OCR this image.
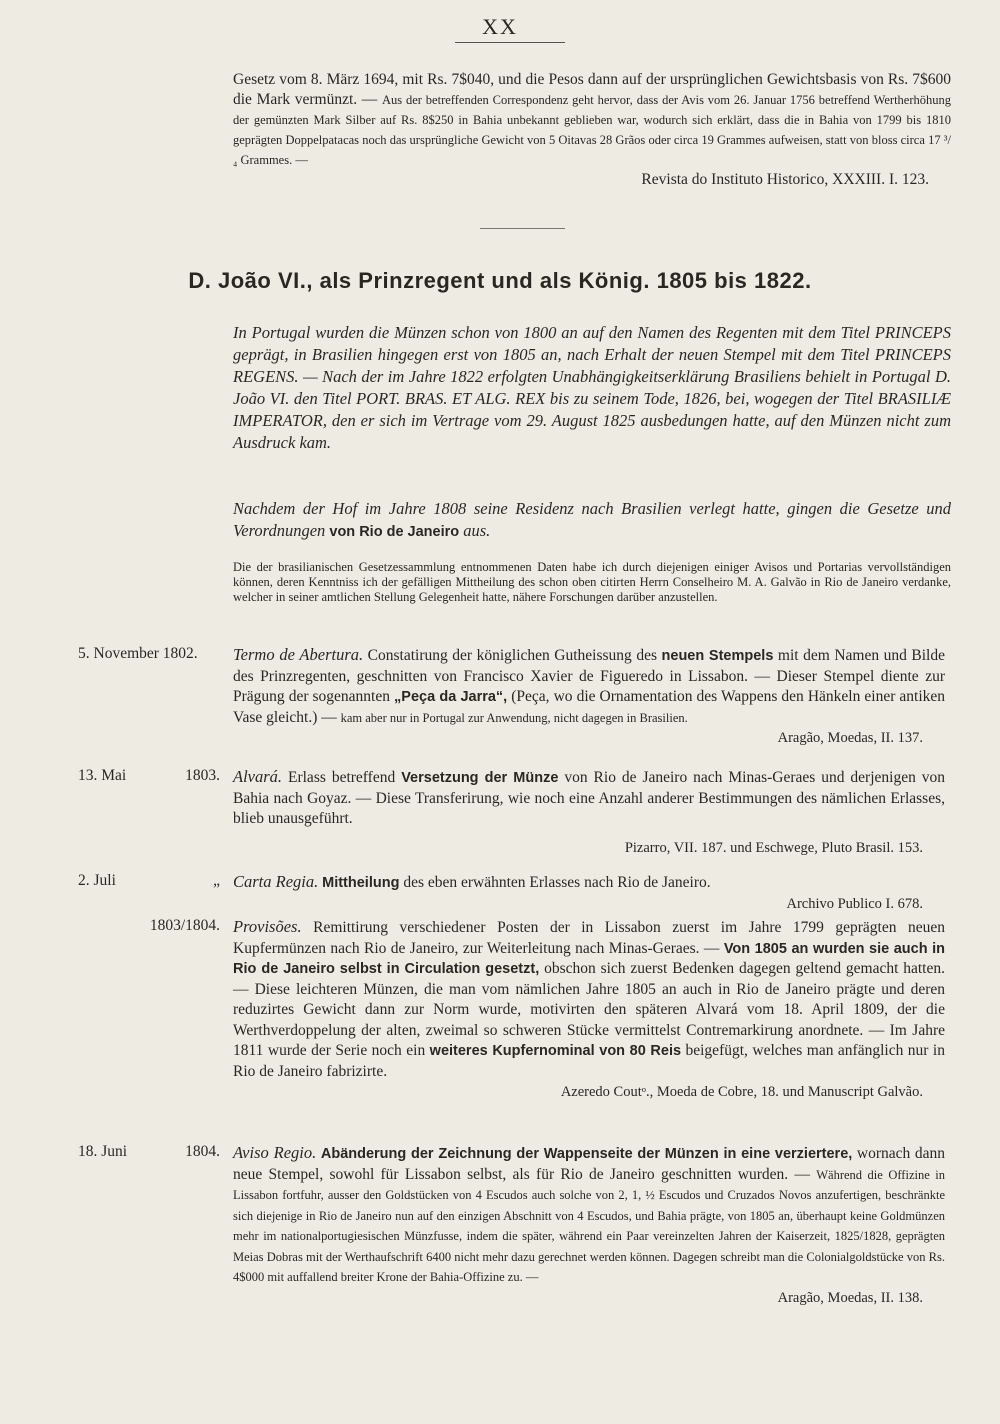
XX
Gesetz vom 8. März 1694, mit Rs. 7$040, und die Pesos dann auf der ursprünglichen Gewichtsbasis von Rs. 7$600 die Mark vermünzt. — Aus der betreffenden Correspondenz geht hervor, dass der Avis vom 26. Januar 1756 betreffend Wertherhöhung der gemünzten Mark Silber auf Rs. 8$250 in Bahia unbekannt geblieben war, wodurch sich erklärt, dass die in Bahia von 1799 bis 1810 geprägten Doppelpatacas noch das ursprüngliche Gewicht von 5 Oitavas 28 Grãos oder circa 19 Grammes aufweisen, statt von bloss circa 17 ³/₄ Grammes. —
Revista do Instituto Historico, XXXIII. I. 123.
D. João VI., als Prinzregent und als König. 1805 bis 1822.
In Portugal wurden die Münzen schon von 1800 an auf den Namen des Regenten mit dem Titel PRINCEPS geprägt, in Brasilien hingegen erst von 1805 an, nach Erhalt der neuen Stempel mit dem Titel PRINCEPS REGENS. — Nach der im Jahre 1822 erfolgten Unabhängigkeitserklärung Brasiliens behielt in Portugal D. João VI. den Titel PORT. BRAS. ET ALG. REX bis zu seinem Tode, 1826, bei, wogegen der Titel BRASILIÆ IMPERATOR, den er sich im Vertrage vom 29. August 1825 ausbedungen hatte, auf den Münzen nicht zum Ausdruck kam.
Nachdem der Hof im Jahre 1808 seine Residenz nach Brasilien verlegt hatte, gingen die Gesetze und Verordnungen von Rio de Janeiro aus.
Die der brasilianischen Gesetzessammlung entnommenen Daten habe ich durch diejenigen einiger Avisos und Portarias vervollständigen können, deren Kenntniss ich der gefälligen Mittheilung des schon oben citirten Herrn Conselheiro M. A. Galvão in Rio de Janeiro verdanke, welcher in seiner amtlichen Stellung Gelegenheit hatte, nähere Forschungen darüber anzustellen.
5. November 1802. Termo de Abertura. Constatirung der königlichen Gutheissung des neuen Stempels mit dem Namen und Bilde des Prinzregenten, geschnitten von Francisco Xavier de Figueredo in Lissabon. — Dieser Stempel diente zur Prägung der sogenannten „Peça da Jarra“, (Peça, wo die Ornamentation des Wappens den Hänkeln einer antiken Vase gleicht.) — kam aber nur in Portugal zur Anwendung, nicht dagegen in Brasilien.
Aragão, Moedas, II. 137.
13. Mai	1803. Alvará. Erlass betreffend Versetzung der Münze von Rio de Janeiro nach Minas-Geraes und derjenigen von Bahia nach Goyaz. — Diese Transferirung, wie noch eine Anzahl anderer Bestimmungen des nämlichen Erlasses, blieb unausgeführt.
Pizarro, VII. 187. und Eschwege, Pluto Brasil. 153.
2. Juli	„ Carta Regia. Mittheilung des eben erwähnten Erlasses nach Rio de Janeiro.
Archivo Publico I. 678.
1803/1804. Provisões. Remittirung verschiedener Posten der in Lissabon zuerst im Jahre 1799 geprägten neuen Kupfermünzen nach Rio de Janeiro, zur Weiterleitung nach Minas-Geraes. — Von 1805 an wurden sie auch in Rio de Janeiro selbst in Circulation gesetzt, obschon sich zuerst Bedenken dagegen geltend gemacht hatten. — Diese leichteren Münzen, die man vom nämlichen Jahre 1805 an auch in Rio de Janeiro prägte und deren reduzirtes Gewicht dann zur Norm wurde, motivirten den späteren Alvará vom 18. April 1809, der die Werthverdoppelung der alten, zweimal so schweren Stücke vermittelst Contremarkirung anordnete. — Im Jahre 1811 wurde der Serie noch ein weiteres Kupfernominal von 80 Reis beigefügt, welches man anfänglich nur in Rio de Janeiro fabrizirte.
Azeredo Coutᵒ., Moeda de Cobre, 18. und Manuscript Galvão.
18. Juni	1804. Aviso Regio. Abänderung der Zeichnung der Wappenseite der Münzen in eine verziertere, wornach dann neue Stempel, sowohl für Lissabon selbst, als für Rio de Janeiro geschnitten wurden. — Während die Offizine in Lissabon fortfuhr, ausser den Goldstücken von 4 Escudos auch solche von 2, 1, ½ Escudos und Cruzados Novos anzufertigen, beschränkte sich diejenige in Rio de Janeiro nun auf den einzigen Abschnitt von 4 Escudos, und Bahia prägte, von 1805 an, überhaupt keine Goldmünzen mehr im nationalportugiesischen Münzfusse, indem die später, während ein Paar vereinzelten Jahren der Kaiserzeit, 1825/1828, geprägten Meias Dobras mit der Werthaufschrift 6400 nicht mehr dazu gerechnet werden können. Dagegen schreibt man die Colonialgoldstücke von Rs. 4$000 mit auffallend breiter Krone der Bahia-Offizine zu. —
Aragão, Moedas, II. 138.
